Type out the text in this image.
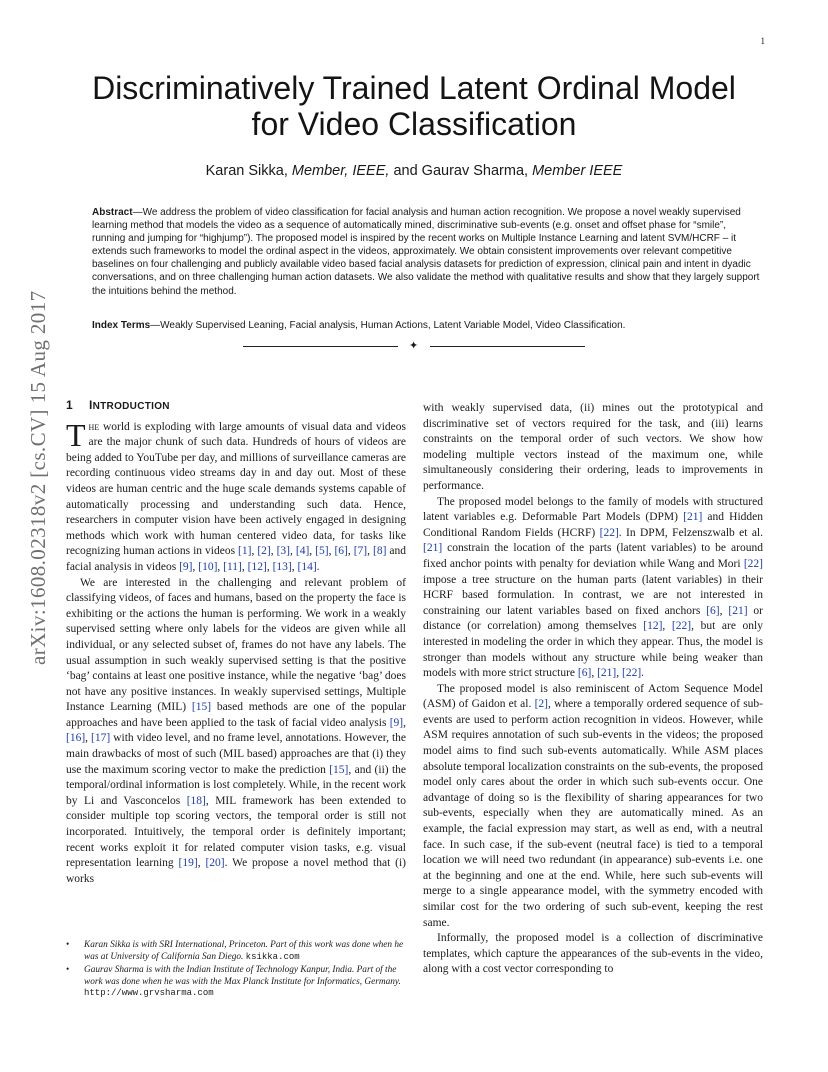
1
arXiv:1608.02318v2 [cs.CV] 15 Aug 2017
Discriminatively Trained Latent Ordinal Model
for Video Classification
Karan Sikka, Member, IEEE, and Gaurav Sharma, Member IEEE

Abstract—We address the problem of video classification for facial analysis and human action recognition. We propose a novel weakly supervised learning method that models the video as a sequence of automatically mined, discriminative sub-events (e.g. onset and offset phase for “smile”, running and jumping for “highjump”). The proposed model is inspired by the recent works on Multiple Instance Learning and latent SVM/HCRF – it extends such frameworks to model the ordinal aspect in the videos, approximately. We obtain consistent improvements over relevant competitive baselines on four challenging and publicly available video based facial analysis datasets for prediction of expression, clinical pain and intent in dyadic conversations, and on three challenging human action datasets. We also validate the method with qualitative results and show that they largely support the intuitions behind the method.

Index Terms—Weakly Supervised Leaning, Facial analysis, Human Actions, Latent Variable Model, Video Classification.

✦
1 INTRODUCTION

The world is exploding with large amounts of visual data and videos are the major chunk of such data. Hundreds of hours of videos are being added to YouTube per day, and millions of surveillance cameras are recording continuous video streams day in and day out. Most of these videos are human centric and the huge scale demands systems capable of automatically processing and understanding such data. Hence, researchers in computer vision have been actively engaged in designing methods which work with human centered video data, for tasks like recognizing human actions in videos [1], [2], [3], [4], [5], [6], [7], [8] and facial analysis in videos [9], [10], [11], [12], [13], [14].

We are interested in the challenging and relevant problem of classifying videos, of faces and humans, based on the property the face is exhibiting or the actions the human is performing. We work in a weakly supervised setting where only labels for the videos are given while all individual, or any selected subset of, frames do not have any labels. The usual assumption in such weakly supervised setting is that the positive ‘bag’ contains at least one positive instance, while the negative ‘bag’ does not have any positive instances. In weakly supervised settings, Multiple Instance Learning (MIL) [15] based methods are one of the popular approaches and have been applied to the task of facial video analysis [9], [16], [17] with video level, and no frame level, annotations. However, the main drawbacks of most of such (MIL based) approaches are that (i) they use the maximum scoring vector to make the prediction [15], and (ii) the temporal/ordinal information is lost completely. While, in the recent work by Li and Vasconcelos [18], MIL framework has been extended to consider multiple top scoring vectors, the temporal order is still not incorporated. Intuitively, the temporal order is definitely important; recent works exploit it for related computer vision tasks, e.g. visual representation learning [19], [20]. We propose a novel method that (i) works

• Karan Sikka is with SRI International, Princeton. Part of this work was done when he was at University of California San Diego. ksikka.com
• Gaurav Sharma is with the Indian Institute of Technology Kanpur, India. Part of the work was done when he was with the Max Planck Institute for Informatics, Germany. http://www.grvsharma.com

with weakly supervised data, (ii) mines out the prototypical and discriminative set of vectors required for the task, and (iii) learns constraints on the temporal order of such vectors. We show how modeling multiple vectors instead of the maximum one, while simultaneously considering their ordering, leads to improvements in performance.

The proposed model belongs to the family of models with structured latent variables e.g. Deformable Part Models (DPM) [21] and Hidden Conditional Random Fields (HCRF) [22]. In DPM, Felzenszwalb et al. [21] constrain the location of the parts (latent variables) to be around fixed anchor points with penalty for deviation while Wang and Mori [22] impose a tree structure on the human parts (latent variables) in their HCRF based formulation. In contrast, we are not interested in constraining our latent variables based on fixed anchors [6], [21] or distance (or correlation) among themselves [12], [22], but are only interested in modeling the order in which they appear. Thus, the model is stronger than models without any structure while being weaker than models with more strict structure [6], [21], [22].

The proposed model is also reminiscent of Actom Sequence Model (ASM) of Gaidon et al. [2], where a temporally ordered sequence of sub-events are used to perform action recognition in videos. However, while ASM requires annotation of such sub-events in the videos; the proposed model aims to find such sub-events automatically. While ASM places absolute temporal localization constraints on the sub-events, the proposed model only cares about the order in which such sub-events occur. One advantage of doing so is the flexibility of sharing appearances for two sub-events, especially when they are automatically mined. As an example, the facial expression may start, as well as end, with a neutral face. In such case, if the sub-event (neutral face) is tied to a temporal location we will need two redundant (in appearance) sub-events i.e. one at the beginning and one at the end. While, here such sub-events will merge to a single appearance model, with the symmetry encoded with similar cost for the two ordering of such sub-event, keeping the rest same.

Informally, the proposed model is a collection of discriminative templates, which capture the appearances of the sub-events in the video, along with a cost vector corresponding to
